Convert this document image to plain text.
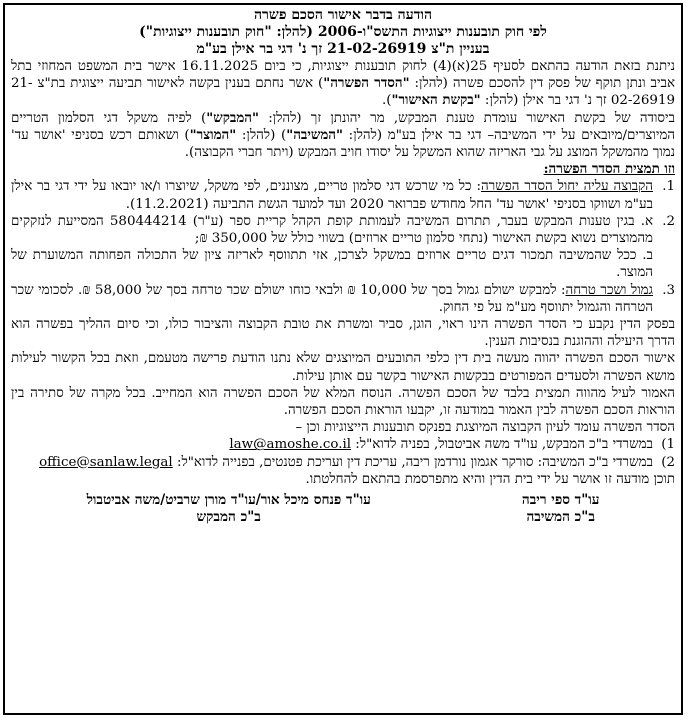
הודעה בדבר אישור הסכם פשרה
לפי חוק תובענות ייצוגיות התשס"ו-2006 (להלן: "חוק תובענות ייצוגיות")
בעניין ת"צ 21-02-26919 זך נ' דגי בר אילן בע"מ

ניתנת בזאת הודעה בהתאם לסעיף 25(א)(4) לחוק תובענות ייצוגיות, כי ביום 16.11.2025 אישר בית המשפט המחוזי בתל אביב ונתן תוקף של פסק דין להסכם פשרה (להלן: "הסדר הפשרה") אשר נחתם בענין בקשה לאישור תביעה ייצוגית בת"צ 21-02-26919 זך נ' דגי בר אילן (להלן: "בקשת האישור").

ביסודה של בקשת האישור עומדת טענת המבקש, מר יהונתן זך (להלן: "המבקש") לפיה משקל דגי הסלמון הטריים המיוצרים/מיובאים על ידי המשיבה– דגי בר אילן בע"מ (להלן: "המשיבה") (להלן: "המוצר") ושאותם רכש בסניפי 'אושר עד' נמוך מהמשקל המוצג על גבי האריזה שהוא המשקל על יסודו חויב המבקש (ויתר חברי הקבוצה).

וזו תמצית הסדר הפשרה:

1.

הקבוצה עליה יחול הסדר הפשרה: כל מי שרכש דגי סלמון טריים, מצוננים, לפי משקל, שיוצרו ו/או יובאו על ידי דגי בר אילן בע"מ ושווקו בסניפי 'אושר עד' החל מחודש פברואר 2020 ועד למועד הגשת התביעה (11.2.2021).

2.

א. בגין טענות המבקש בעבר, תתרום המשיבה לעמותת קופת הקהל קריית ספר (ע"ר) 580444214 המסייעת לנזקקים מהמוצרים נשוא בקשת האישור (נתחי סלמון טריים ארוזים) בשווי כולל של 350,000 ₪;

ב. ככל שהמשיבה תמכור דגים טריים ארוזים במשקל לצרכן, אזי תתווסף לאריזה ציון של התכולה הפחותה המשוערת של המוצר.

3.

גמול ושכר טרחה: למבקש ישולם גמול בסך של 10,000 ₪ ולבאי כוחו ישולם שכר טרחה בסך של 58,000 ₪. לסכומי שכר הטרחה והגמול יתווסף מע"מ על פי החוק.

בפסק הדין נקבע כי הסדר הפשרה הינו ראוי, הוגן, סביר ומשרת את טובת הקבוצה והציבור כולו, וכי סיום ההליך בפשרה הוא הדרך היעילה וההוגנת בנסיבות הענין.

אישור הסכם הפשרה יהווה מעשה בית דין כלפי התובעים המיוצגים שלא נתנו הודעת פרישה מטעמם, וזאת בכל הקשור לעילות מושא הפשרה ולסעדים המפורטים בבקשות האישור בקשר עם אותן עילות.

האמור לעיל מהווה תמצית בלבד של הסכם הפשרה. הנוסח המלא של הסכם הפשרה הוא המחייב. בכל מקרה של סתירה בין הוראות הסכם הפשרה לבין האמור במודעה זו, יקבעו הוראות הסכם הפשרה.

הסדר הפשרה עומד לעיון הקבוצה המיוצגת בפנקס תובענות הייצוגיות וכן –

1)

במשרדי ב"כ המבקש, עו"ד משה אביטבול, בפניה לדוא"ל: law@amoshe.co.il

2)

במשרדי ב"כ המשיבה: סורקר אגמון נורדמן ריבה, עריכת דין ועריכת פטנטים, בפנייה לדוא"ל: office@sanlaw.legal

תוכן מודעה זו אושר על ידי בית הדין והיא מתפרסמת בהתאם להחלטתו.

עו"ד ספי ריבה
ב"כ המשיבה
עו"ד פנחס מיכל אור/עו"ד מורן שרביט/משה אביטבול
ב"כ המבקש
